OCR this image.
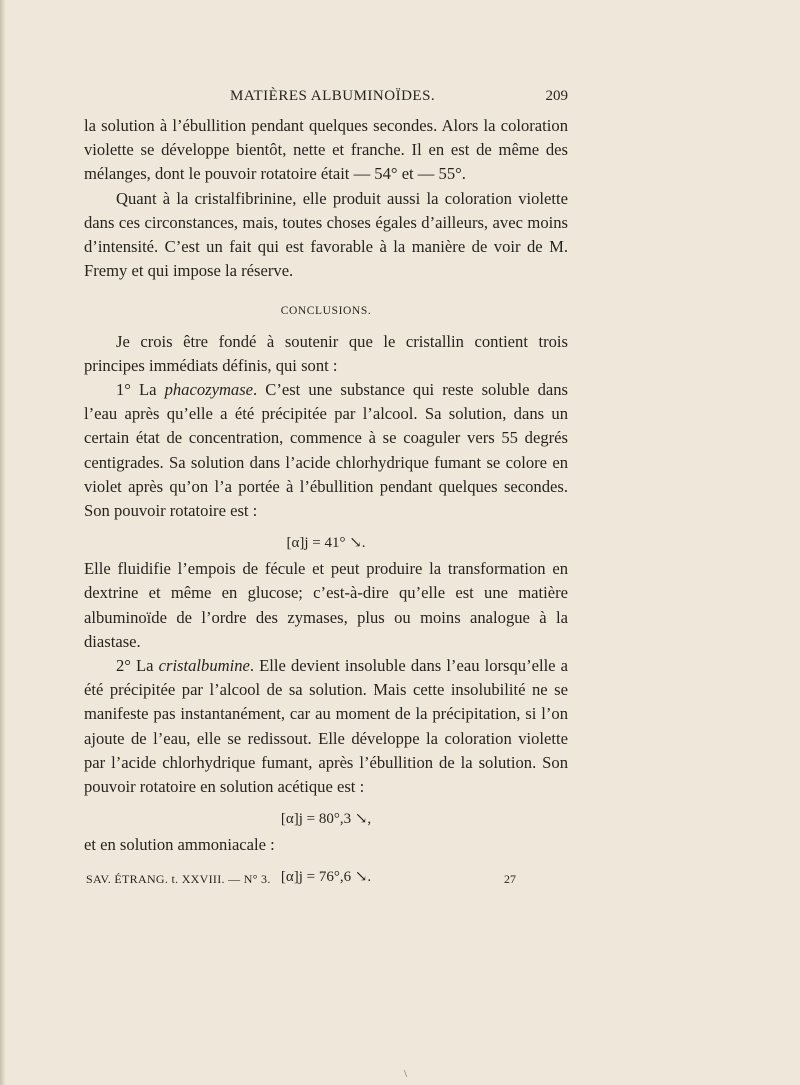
MATIÈRES ALBUMINOÏDES.	209

la solution à l’ébullition pendant quelques secondes. Alors la coloration violette se développe bientôt, nette et franche. Il en est de même des mélanges, dont le pouvoir rotatoire était — 54° et — 55°.

Quant à la cristalfibrinine, elle produit aussi la coloration violette dans ces circonstances, mais, toutes choses égales d’ailleurs, avec moins d’intensité. C’est un fait qui est favorable à la manière de voir de M. Fremy et qui impose la réserve.

CONCLUSIONS.

Je crois être fondé à soutenir que le cristallin contient trois principes immédiats définis, qui sont :

1° La phacozymase. C’est une substance qui reste soluble dans l’eau après qu’elle a été précipitée par l’alcool. Sa solution, dans un certain état de concentration, commence à se coaguler vers 55 degrés centigrades. Sa solution dans l’acide chlorhydrique fumant se colore en violet après qu’on l’a portée à l’ébullition pendant quelques secondes. Son pouvoir rotatoire est :

[α]j = 41° ↘.

Elle fluidifie l’empois de fécule et peut produire la transformation en dextrine et même en glucose; c’est-à-dire qu’elle est une matière albuminoïde de l’ordre des zymases, plus ou moins analogue à la diastase.

2° La cristalbumine. Elle devient insoluble dans l’eau lorsqu’elle a été précipitée par l’alcool de sa solution. Mais cette insolubilité ne se manifeste pas instantanément, car au moment de la précipitation, si l’on ajoute de l’eau, elle se redissout. Elle développe la coloration violette par l’acide chlorhydrique fumant, après l’ébullition de la solution. Son pouvoir rotatoire en solution acétique est :

[α]j = 80°,3 ↘,

et en solution ammoniacale :

[α]j = 76°,6 ↘.

SAV. ÉTRANG. t. XXVIII. — N° 3.	27
\
